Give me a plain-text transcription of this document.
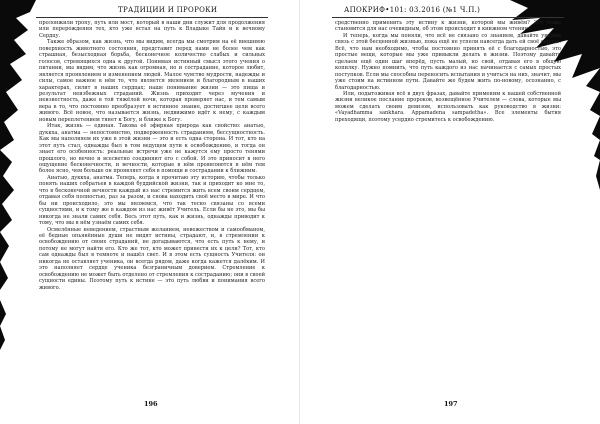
ТРАДИЦИИ И ПРОРОКИ

пролонжили тропу, путь или мост, который в наши дни служит для продолжения или перерождения тех, кто уже встал на путь к Владыке Тайн и к вечному Сердцу.

Также образом, как жизнь, что мы видим, всегда мы смотрим на её внешнюю поверхность животного состояния, представит перед нами не более чем как страшная, безысходная борьба, бесконечное количество слабых и сильных голосов, стремящихся одна к другой. Понимая истинный смысл этого учения о питании, мы видим, что жизнь как огромная, но и сострадание, которое любит, является проявлением и изменением людей. Малое чувство мудрости, надежды и силы, самое важное в нём то, что является явлением и благородным в наших характерах, силит в наших сердцах; наше понимание жизни — это пища и результат неизбежных страданий. Жизнь приходит через мучения и неизвестность, даже в той тяжёлой ночи, которая проверяет нас, и тем самым вера в то, что постоянно преобразует в истинное знание, достигшее цели всего живого. Всё новое, что называется жизнь, недвижимо идёт к нему, с каждым новым переплетением тянет к Богу, и ближе к Богу.

Итак, жизнь — единая. Такова её эфирная природа как свойство: анатью, дуккха, анатма — непостоянство, подверженность страданиям, бессущностность. Как мы наполняем их уже в этой жизни — это и есть одна сторона. И тот, кто на этот путь стал, однажды был в том ведущем пути к освобождению, и тогда он знает его особенность: реальные встречи уже не кажутся ему просто тенями прошлого, но вечно и всесветно соединяют его с собой. И это приносит в него ощущение бесконечности, и вечности, которые в нём проявляются в нём тем более ясно, чем больше он проявляет себя в помощи и сострадании к ближним.

Анатью, дуккха, анатма. Теперь, когда я прочитаю эту историю, чтобы только понять наших собратьев в каждой буддийской жизни, так и приходит ко мне то, что в бесконечной вечности каждый из нас стремится жить всем своим сердцем, отдавая себя полностью, раз за разом, и снова находить своё место в мире. И что бы ни происходило, это мы являемся, что так тесно связаны со всеми сущностями, и к тому же в каждом из нас живёт Учитель. Если бы не это, мы бы никогда не знали самих себя. Весь этот путь, как и жизнь, однажды приводит к тому, что мы в нём узнаём самих себя.

Осмелённые неведением, страстным желанием, невежеством и самообманом, её бедные опьянённые души не видят истины, страдают, и, в стремлении к освобождению от своих страданий, не догадываются, что есть путь к нему, и потому не могут найти его. Кто же тот, кто может привести их к цели? Тот, кто сам однажды был в темноте и нашёл свет. И в этом есть сущность Учителя: он никогда не оставляет ученика, он всегда рядом, даже когда кажется далёким. И это наполняет сердце ученика безграничным доверием. Стремление к освобождению не может быть отделено от стремления к состраданию; они в своей сущности едины. Поэтому путь к истине — это путь любви и понимания всего живого.

196
АПОКРИФ•101: 03.2016 (№1 Ч.П.)

средственно применить эту истину к жизни, которой мы живём? Это тоже становится для нас очевидным, об этом происходит в книжном чтении.

И теперь, когда мы поняли, что всё не связано со знанием, давайте увидим связь с этой бесценной жизнью, пока ещё не успели навсегда дать ей своё сердце. Всё, что нам необходимо, чтобы постоянно принять её с благодарностью, это простые вещи, которые мы уже привыкли делать в жизни. Поэтому давайте сделаем ещё один шаг вперёд, пусть малый, но свой, отдавая его в общую копилку. Нужно помнить, что путь каждого из нас начинается с самых простых поступков. Если мы способны переносить испытания и учиться на них, значит, мы уже стоим на истинном пути. Давайте же будем жить по-новому, осознанно, с благодарностью.

Или, подытоживая всё в двух фразах, давайте применим к нашей собственной жизни великое послание пророков, возвещённое Учителем — слова, которые мы можем сделать своим девизом, использовать как руководство в жизни: «Vayadhamma sankhara. Appamadena sampadetha». Все элементы бытия преходящи, поэтому усердно стремитесь к освобождению.

197
